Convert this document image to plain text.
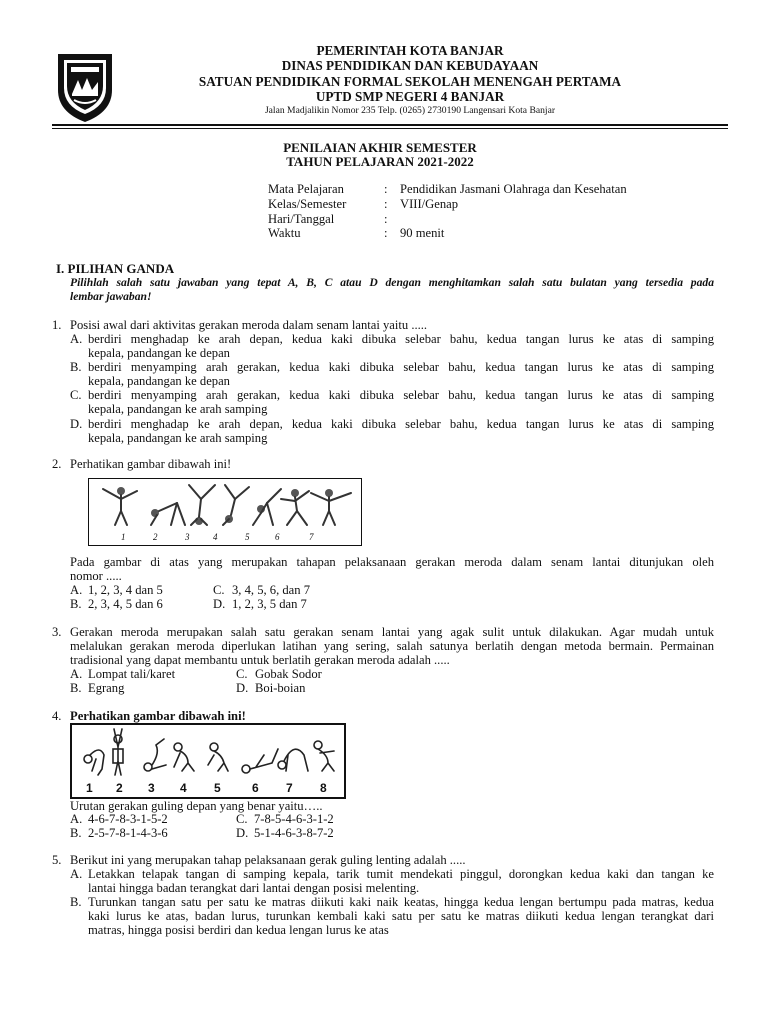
PEMERINTAH KOTA BANJAR
DINAS PENDIDIKAN DAN KEBUDAYAAN
SATUAN PENDIDIKAN FORMAL SEKOLAH MENENGAH PERTAMA
UPTD SMP NEGERI 4 BANJAR
Jalan Madjalikin Nomor 235 Telp. (0265) 2730190 Langensari Kota Banjar
PENILAIAN AKHIR SEMESTER
TAHUN PELAJARAN 2021-2022
Mata Pelajaran	: Pendidikan Jasmani Olahraga dan Kesehatan
Kelas/Semester	: VIII/Genap
Hari/Tanggal	:
Waktu	: 90 menit
I. PILIHAN GANDA
Pilihlah salah satu jawaban yang tepat A, B, C atau D dengan menghitamkan salah satu bulatan yang tersedia pada
lembar jawaban!
1. Posisi awal dari aktivitas gerakan meroda dalam senam lantai yaitu .....
A. berdiri menghadap ke arah depan, kedua kaki dibuka selebar bahu, kedua tangan lurus ke atas di samping
kepala, pandangan ke depan
B. berdiri menyamping arah gerakan, kedua kaki dibuka selebar bahu, kedua tangan lurus ke atas di samping
kepala, pandangan ke depan
C. berdiri menyamping arah gerakan, kedua kaki dibuka selebar bahu, kedua tangan lurus ke atas di samping
kepala, pandangan ke arah samping
D. berdiri menghadap ke arah depan, kedua kaki dibuka selebar bahu, kedua tangan lurus ke atas di samping
kepala, pandangan ke arah samping
2. Perhatikan gambar dibawah ini!
1	2	3	4	5	6	7
Pada gambar di atas yang merupakan tahapan pelaksanaan gerakan meroda dalam senam lantai ditunjukan oleh
nomor .....
A. 1, 2, 3, 4 dan 5	C. 3, 4, 5, 6, dan 7
B. 2, 3, 4, 5 dan 6	D. 1, 2, 3, 5 dan 7
3. Gerakan meroda merupakan salah satu gerakan senam lantai yang agak sulit untuk dilakukan. Agar mudah untuk
melalukan gerakan meroda diperlukan latihan yang sering, salah satunya berlatih dengan metoda bermain. Permainan
tradisional yang dapat membantu untuk berlatih gerakan meroda adalah .....
A. Lompat tali/karet	C. Gobak Sodor
B. Egrang	D. Boi-boian
4. Perhatikan gambar dibawah ini!
1 2 3 4 5	6 7 8
Urutan gerakan guling depan yang benar yaitu…..
A. 4-6-7-8-3-1-5-2	C. 7-8-5-4-6-3-1-2
B. 2-5-7-8-1-4-3-6	D. 5-1-4-6-3-8-7-2
5. Berikut ini yang merupakan tahap pelaksanaan gerak guling lenting adalah .....
A. Letakkan telapak tangan di samping kepala, tarik tumit mendekati pinggul, dorongkan kedua kaki dan tangan ke
lantai hingga badan terangkat dari lantai dengan posisi melenting.
B. Turunkan tangan satu per satu ke matras diikuti kaki naik keatas, hingga kedua lengan bertumpu pada matras, kedua
kaki lurus ke atas, badan lurus, turunkan kembali kaki satu per satu ke matras diikuti kedua lengan terangkat dari
matras, hingga posisi berdiri dan kedua lengan lurus ke atas
